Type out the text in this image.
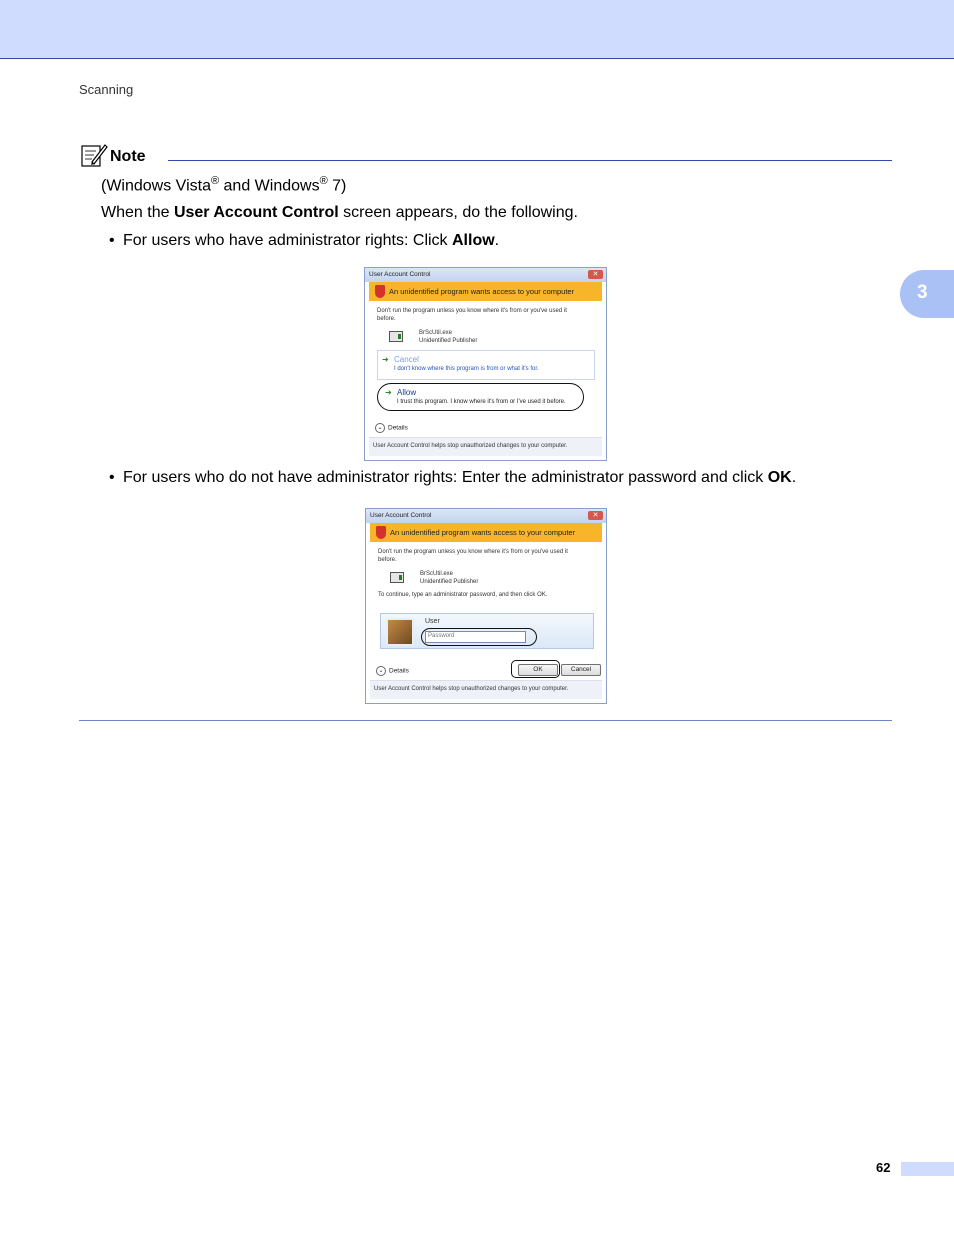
Scanning
3
Note
(Windows Vista® and Windows® 7)
When the User Account Control screen appears, do the following.
• For users who have administrator rights: Click Allow.
User Account Control	✕
An unidentified program wants access to your computer
Don't run the program unless you know where it's from or you've used it
before.
BrScUtil.exe
Unidentified Publisher
➜ Cancel
I don't know where this program is from or what it's for.
➜ Allow
I trust this program. I know where it's from or I've used it before.
⌄ Details
User Account Control helps stop unauthorized changes to your computer.
• For users who do not have administrator rights: Enter the administrator password and click OK.
User Account Control	✕
An unidentified program wants access to your computer
Don't run the program unless you know where it's from or you've used it
before.
BrScUtil.exe
Unidentified Publisher
To continue, type an administrator password, and then click OK.
User
Password
⌄ Details	OK	Cancel
User Account Control helps stop unauthorized changes to your computer.
62
